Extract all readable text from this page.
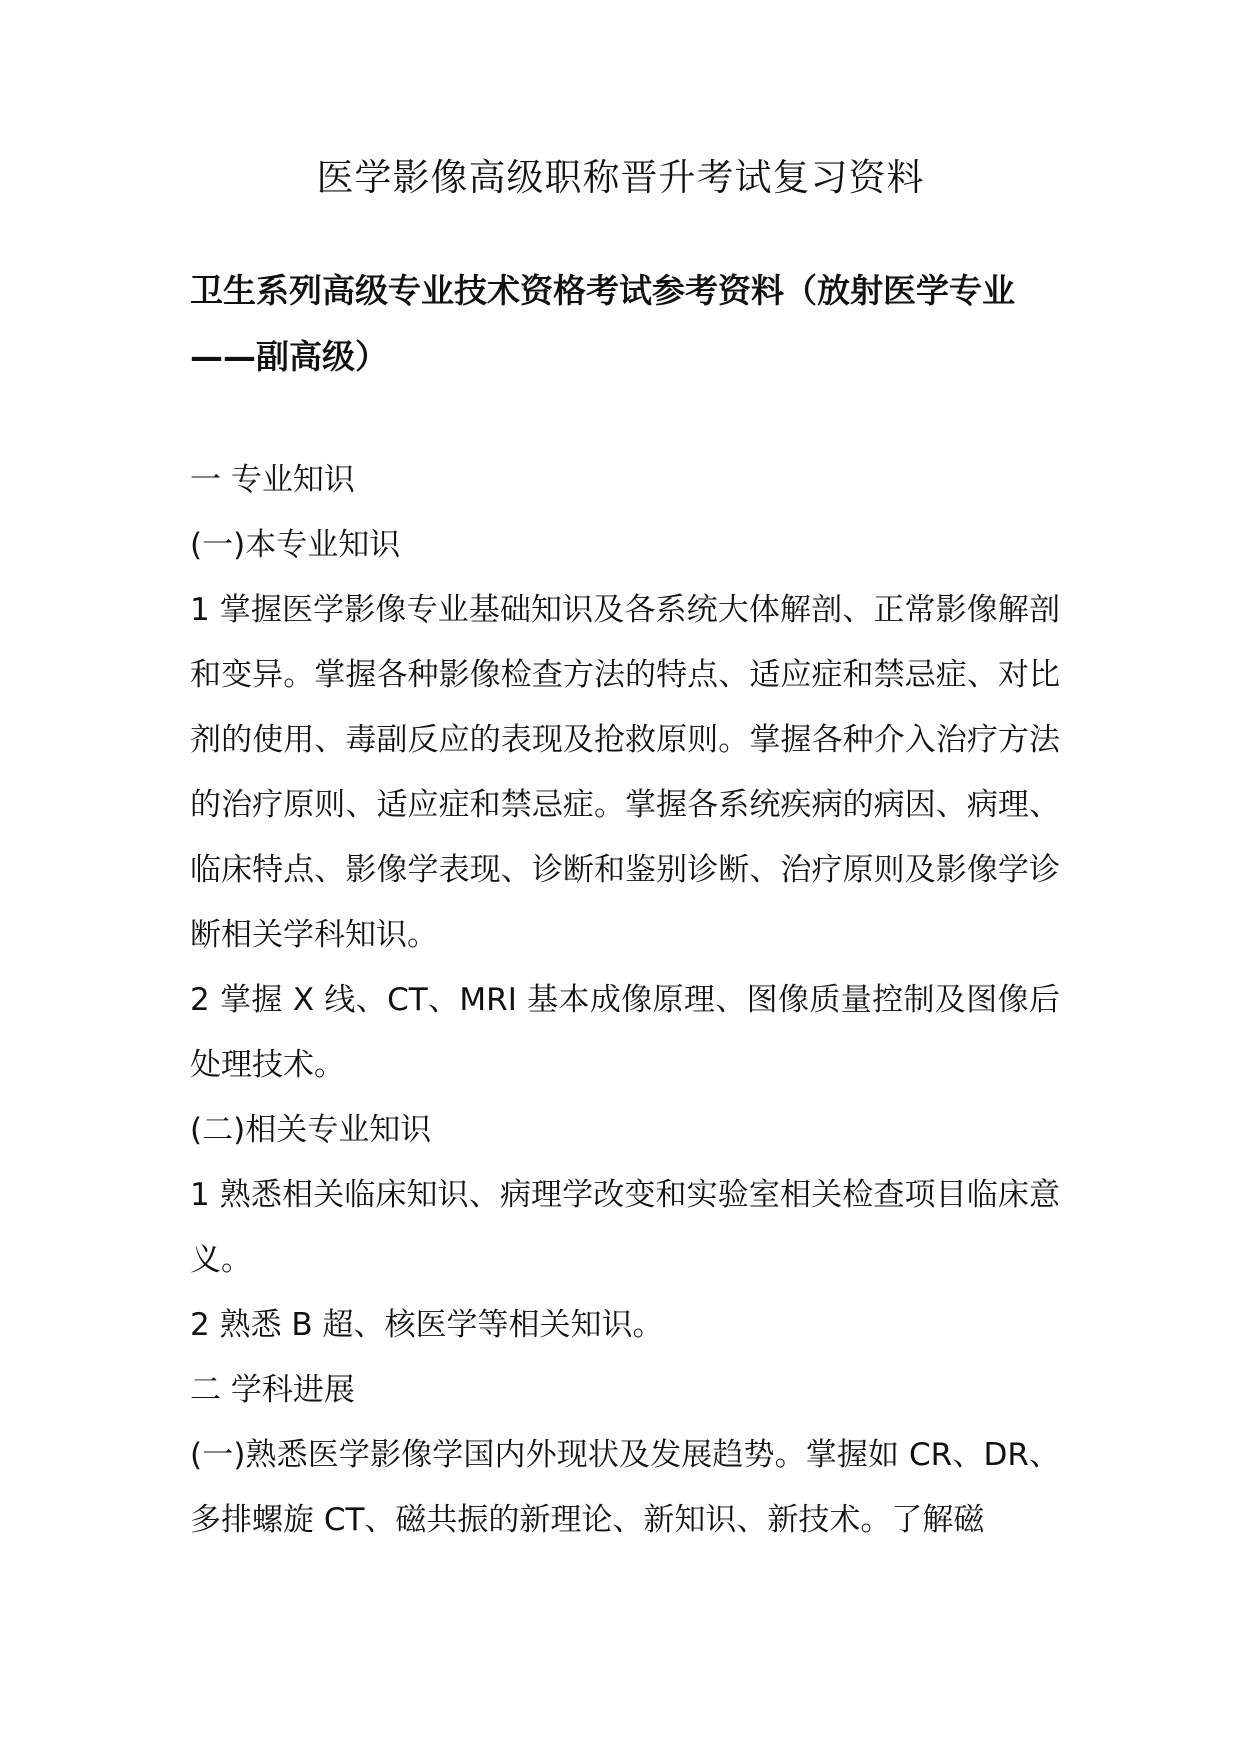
医学影像高级职称晋升考试复习资料
卫生系列高级专业技术资格考试参考资料（放射医学专业——副高级）

一 专业知识

(一)本专业知识

1 掌握医学影像专业基础知识及各系统大体解剖、正常影像解剖和变异。掌握各种影像检查方法的特点、适应症和禁忌症、对比剂的使用、毒副反应的表现及抢救原则。掌握各种介入治疗方法的治疗原则、适应症和禁忌症。掌握各系统疾病的病因、病理、临床特点、影像学表现、诊断和鉴别诊断、治疗原则及影像学诊断相关学科知识。

2 掌握 X 线、CT、MRI 基本成像原理、图像质量控制及图像后处理技术。

(二)相关专业知识

1 熟悉相关临床知识、病理学改变和实验室相关检查项目临床意义。

2 熟悉 B 超、核医学等相关知识。

二 学科进展

(一)熟悉医学影像学国内外现状及发展趋势。掌握如 CR、DR、多排螺旋 CT、磁共振的新理论、新知识、新技术。了解磁
